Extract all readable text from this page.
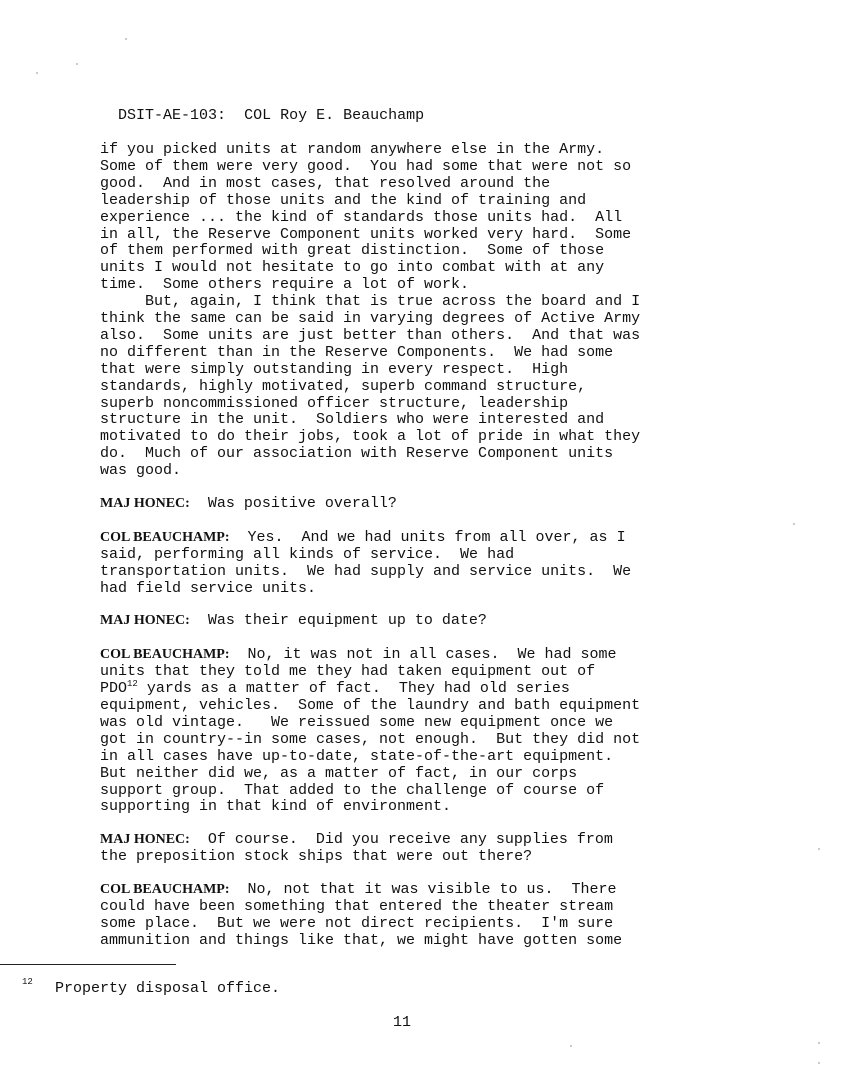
DSIT-AE-103: COL Roy E. Beauchamp

if you picked units at random anywhere else in the Army.
Some of them were very good.  You had some that were not so
good.  And in most cases, that resolved around the
leadership of those units and the kind of training and
experience ... the kind of standards those units had.  All
in all, the Reserve Component units worked very hard.  Some
of them performed with great distinction.  Some of those
units I would not hesitate to go into combat with at any
time.  Some others require a lot of work.
But, again, I think that is true across the board and I
think the same can be said in varying degrees of Active Army
also.  Some units are just better than others.  And that was
no different than in the Reserve Components.  We had some
that were simply outstanding in every respect.  High
standards, highly motivated, superb command structure,
superb noncommissioned officer structure, leadership
structure in the unit.  Soldiers who were interested and
motivated to do their jobs, took a lot of pride in what they
do.  Much of our association with Reserve Component units
was good.
MAJ HONEC:  Was positive overall?
COL BEAUCHAMP:  Yes.  And we had units from all over, as I
said, performing all kinds of service.  We had
transportation units.  We had supply and service units.  We
had field service units.
MAJ HONEC:  Was their equipment up to date?
COL BEAUCHAMP:  No, it was not in all cases.  We had some
units that they told me they had taken equipment out of
PDO$^{12}$ yards as a matter of fact.  They had old series
equipment, vehicles.  Some of the laundry and bath equipment
was old vintage.   We reissued some new equipment once we
got in country--in some cases, not enough.  But they did not
in all cases have up-to-date, state-of-the-art equipment.
But neither did we, as a matter of fact, in our corps
support group.  That added to the challenge of course of
supporting in that kind of environment.
MAJ HONEC:  Of course.  Did you receive any supplies from
the preposition stock ships that were out there?
COL BEAUCHAMP:  No, not that it was visible to us.  There
could have been something that entered the theater stream
some place.  But we were not direct recipients.  I'm sure
ammunition and things like that, we might have gotten some
12 Property disposal office.
11
